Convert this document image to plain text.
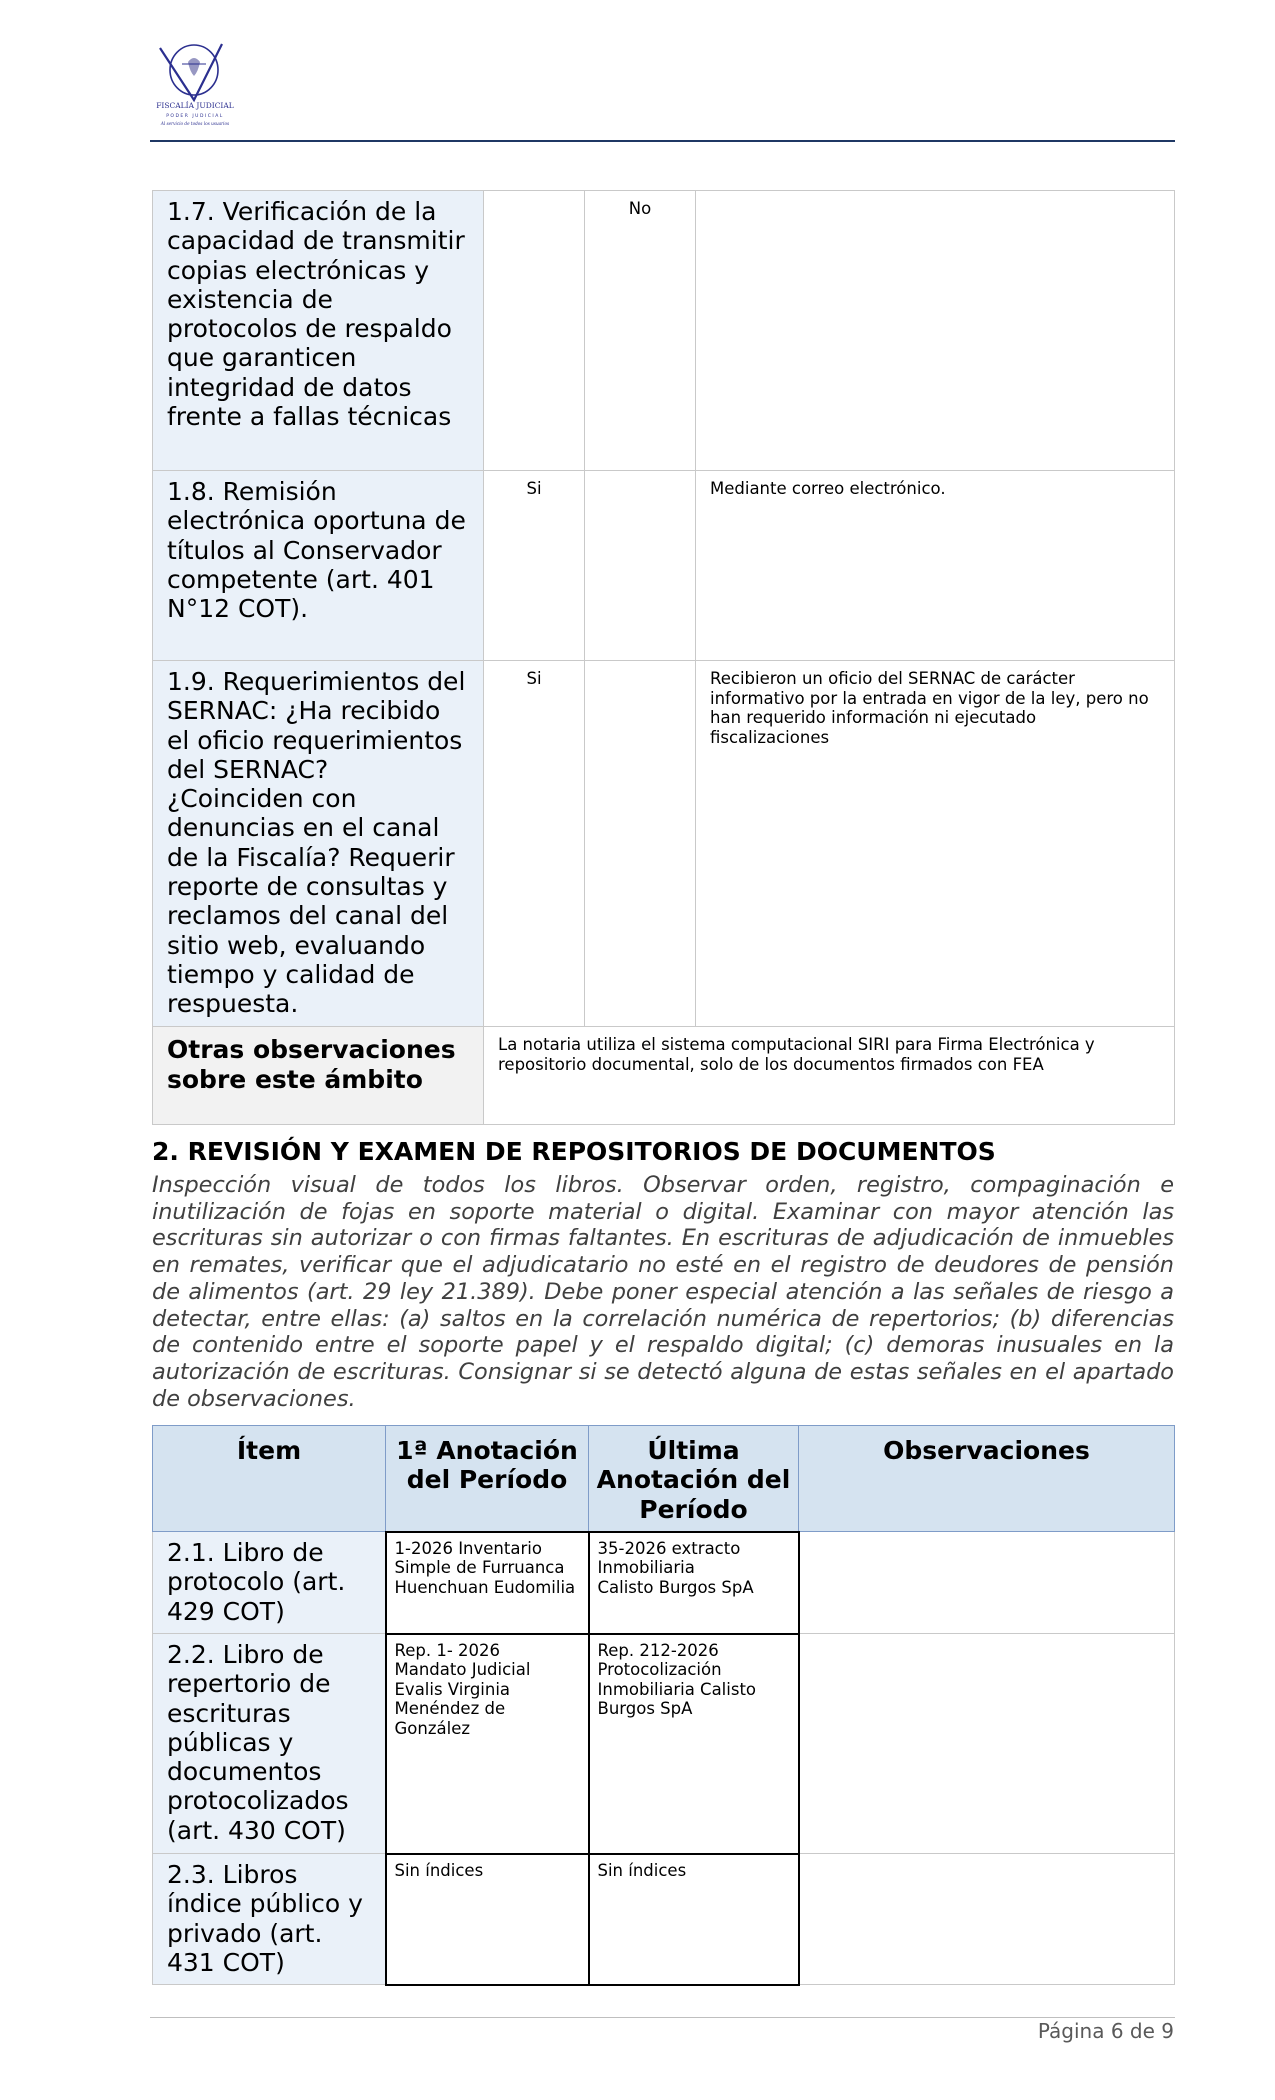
FISCALÍA JUDICIAL
PODER JUDICIAL
Al servicio de todos los usuarios
1.7. Verificación de la capacidad de transmitir copias electrónicas y existencia de protocolos de respaldo que garanticen integridad de datos frente a fallas técnicas		No	
1.8. Remisión electrónica oportuna de títulos al Conservador competente (art. 401 N°12 COT).	Si		Mediante correo electrónico.
1.9. Requerimientos del SERNAC: ¿Ha recibido el oficio requerimientos del SERNAC? ¿Coinciden con denuncias en el canal de la Fiscalía? Requerir reporte de consultas y reclamos del canal del sitio web, evaluando tiempo y calidad de respuesta.	Si		Recibieron un oficio del SERNAC de carácter informativo por la entrada en vigor de la ley, pero no han requerido información ni ejecutado fiscalizaciones
Otras observaciones sobre este ámbito	La notaria utiliza el sistema computacional SIRI para Firma Electrónica y repositorio documental, solo de los documentos firmados con FEA		
2. REVISIÓN Y EXAMEN DE REPOSITORIOS DE DOCUMENTOS

Inspección visual de todos los libros. Observar orden, registro, compaginación e inutilización de fojas en soporte material o digital. Examinar con mayor atención las escrituras sin autorizar o con firmas faltantes. En escrituras de adjudicación de inmuebles en remates, verificar que el adjudicatario no esté en el registro de deudores de pensión de alimentos (art. 29 ley 21.389). Debe poner especial atención a las señales de riesgo a detectar, entre ellas: (a) saltos en la correlación numérica de repertorios; (b) diferencias de contenido entre el soporte papel y el respaldo digital; (c) demoras inusuales en la autorización de escrituras. Consignar si se detectó alguna de estas señales en el apartado de observaciones.

Ítem	1ª Anotación del Período	Última Anotación del Período	Observaciones
2.1. Libro de protocolo (art. 429 COT)	1-2026 Inventario
Simple de Furruanca
Huenchuan Eudomilia	35-2026 extracto
Inmobiliaria
Calisto Burgos SpA	
2.2. Libro de repertorio de escrituras públicas y documentos protocolizados (art. 430 COT)	Rep. 1- 2026
Mandato Judicial
Evalis Virginia
Menéndez de
González	Rep. 212-2026
Protocolización
Inmobiliaria Calisto
Burgos SpA	
2.3. Libros índice público y privado (art. 431 COT)	Sin índices	Sin índices	
Página 6 de 9
